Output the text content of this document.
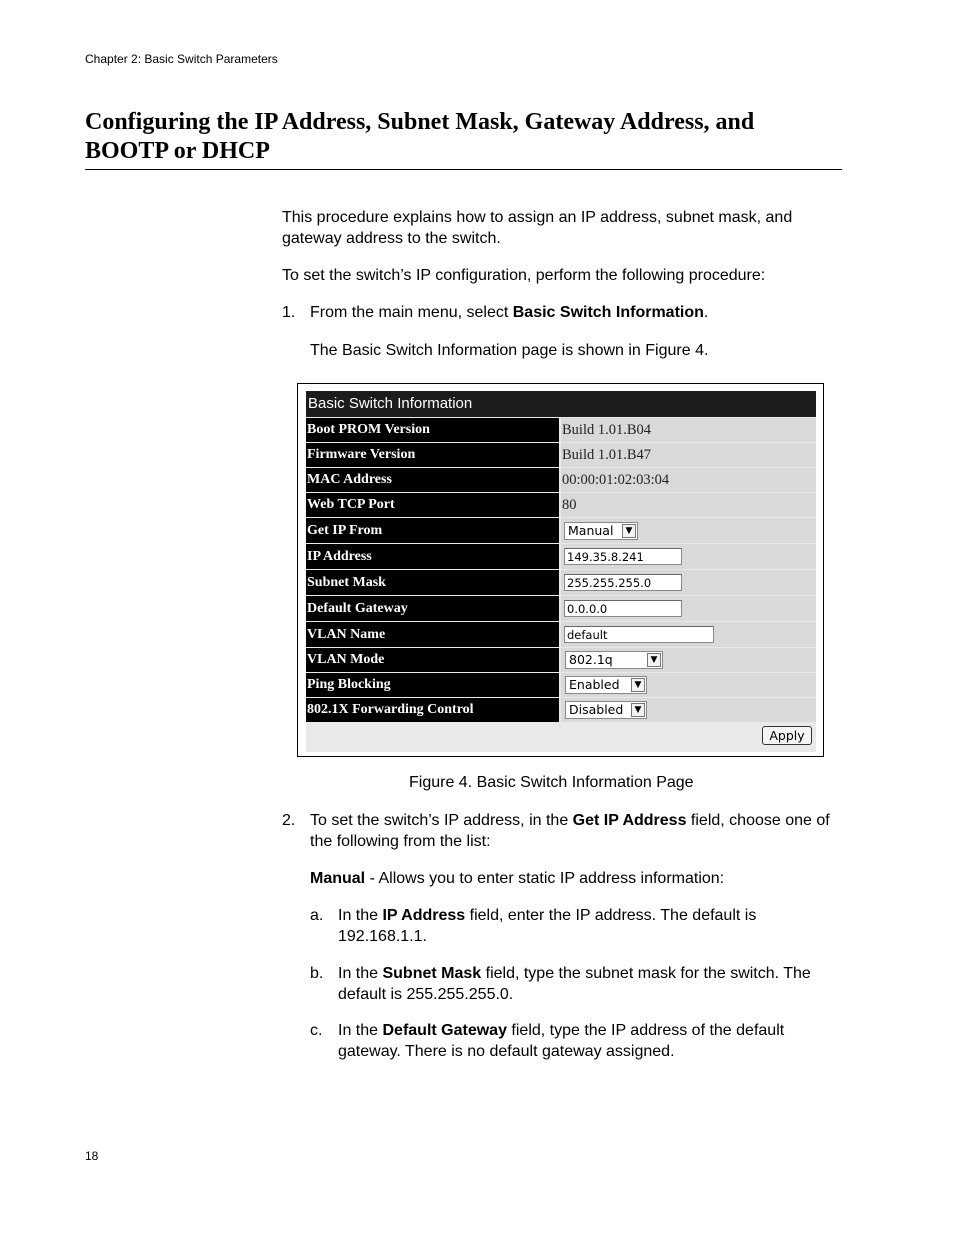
Chapter 2: Basic Switch Parameters
Configuring the IP Address, Subnet Mask, Gateway Address, and BOOTP or DHCP
This procedure explains how to assign an IP address, subnet mask, and gateway address to the switch.
To set the switch’s IP configuration, perform the following procedure:
1. From the main menu, select Basic Switch Information.
The Basic Switch Information page is shown in Figure 4.
Basic Switch Information
Boot PROM Version	Build 1.01.B04
Firmware Version	Build 1.01.B47
MAC Address	00:00:01:02:03:04
Web TCP Port	80
Get IP From	Manual	▼
IP Address	149.35.8.241
Subnet Mask	255.255.255.0
Default Gateway	0.0.0.0
VLAN Name	default
VLAN Mode	802.1q	▼
Ping Blocking	Enabled	▼
802.1X Forwarding Control	Disabled	▼
Apply
Figure 4. Basic Switch Information Page
2. To set the switch’s IP address, in the Get IP Address field, choose one of the following from the list:
Manual - Allows you to enter static IP address information:
a. In the IP Address field, enter the IP address. The default is 192.168.1.1.
b. In the Subnet Mask field, type the subnet mask for the switch. The default is 255.255.255.0.
c. In the Default Gateway field, type the IP address of the default gateway. There is no default gateway assigned.
18
